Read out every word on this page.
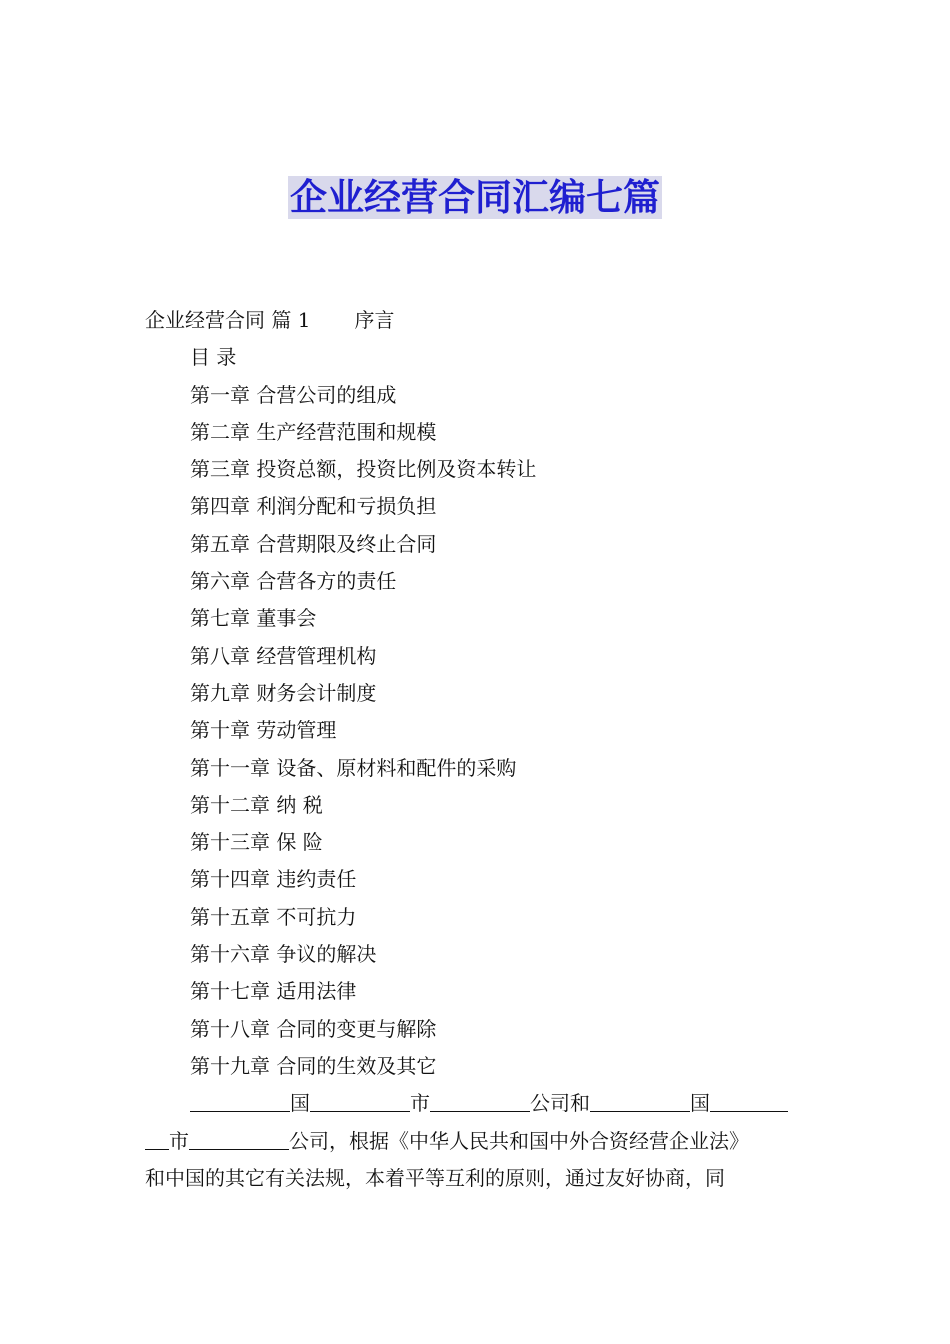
企业经营合同汇编七篇
企业经营合同 篇 1 序言
目 录
第一章 合营公司的组成
第二章 生产经营范围和规模
第三章 投资总额，投资比例及资本转让
第四章 利润分配和亏损负担
第五章 合营期限及终止合同
第六章 合营各方的责任
第七章 董事会
第八章 经营管理机构
第九章 财务会计制度
第十章 劳动管理
第十一章 设备、原材料和配件的采购
第十二章 纳 税
第十三章 保 险
第十四章 违约责任
第十五章 不可抗力
第十六章 争议的解决
第十七章 适用法律
第十八章 合同的变更与解除
第十九章 合同的生效及其它
国	市	公司和	国
市	公司，根据《中华人民共和国中外合资经营企业法》
和中国的其它有关法规，本着平等互利的原则，通过友好协商，同
